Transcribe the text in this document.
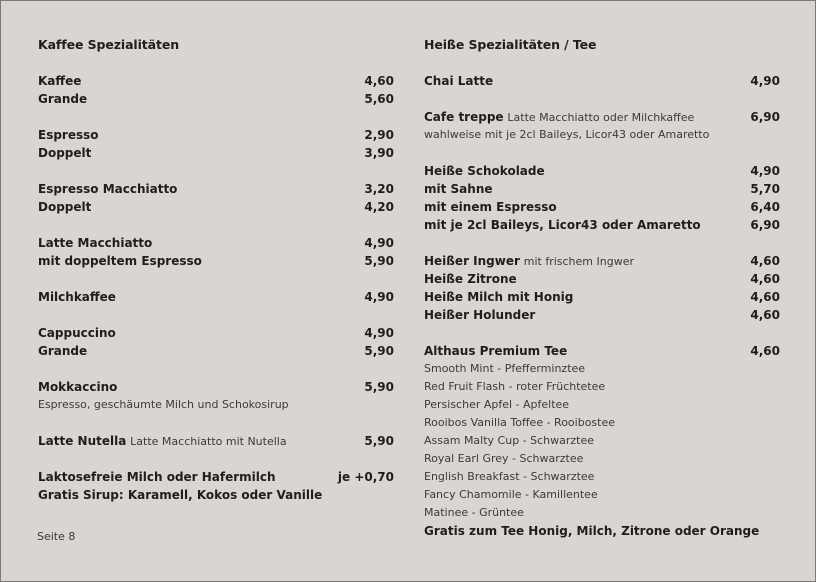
Kaffee Spezialitäten
Kaffee	4,60
Grande	5,60
Espresso	2,90
Doppelt	3,90
Espresso Macchiatto	3,20
Doppelt	4,20
Latte Macchiatto	4,90
mit doppeltem Espresso	5,90
Milchkaffee	4,90
Cappuccino	4,90
Grande	5,90
Mokkaccino	5,90
Espresso, geschäumte Milch und Schokosirup
Latte Nutella Latte Macchiatto mit Nutella	5,90
Laktosefreie Milch oder Hafermilch	je +0,70
Gratis Sirup: Karamell, Kokos oder Vanille
Heiße Spezialitäten / Tee
Chai Latte	4,90
Cafe treppe Latte Macchiatto oder Milchkaffee	6,90
wahlweise mit je 2cl Baileys, Licor43 oder Amaretto
Heiße Schokolade	4,90
mit Sahne	5,70
mit einem Espresso	6,40
mit je 2cl Baileys, Licor43 oder Amaretto	6,90
Heißer Ingwer mit frischem Ingwer	4,60
Heiße Zitrone	4,60
Heiße Milch mit Honig	4,60
Heißer Holunder	4,60
Althaus Premium Tee	4,60
Smooth Mint - Pfefferminztee
Red Fruit Flash - roter Früchtetee
Persischer Apfel - Apfeltee
Rooibos Vanilla Toffee - Rooibostee
Assam Malty Cup - Schwarztee
Royal Earl Grey - Schwarztee
English Breakfast - Schwarztee
Fancy Chamomile - Kamillentee
Matinee - Grüntee
Gratis zum Tee Honig, Milch, Zitrone oder Orange
Seite 8
